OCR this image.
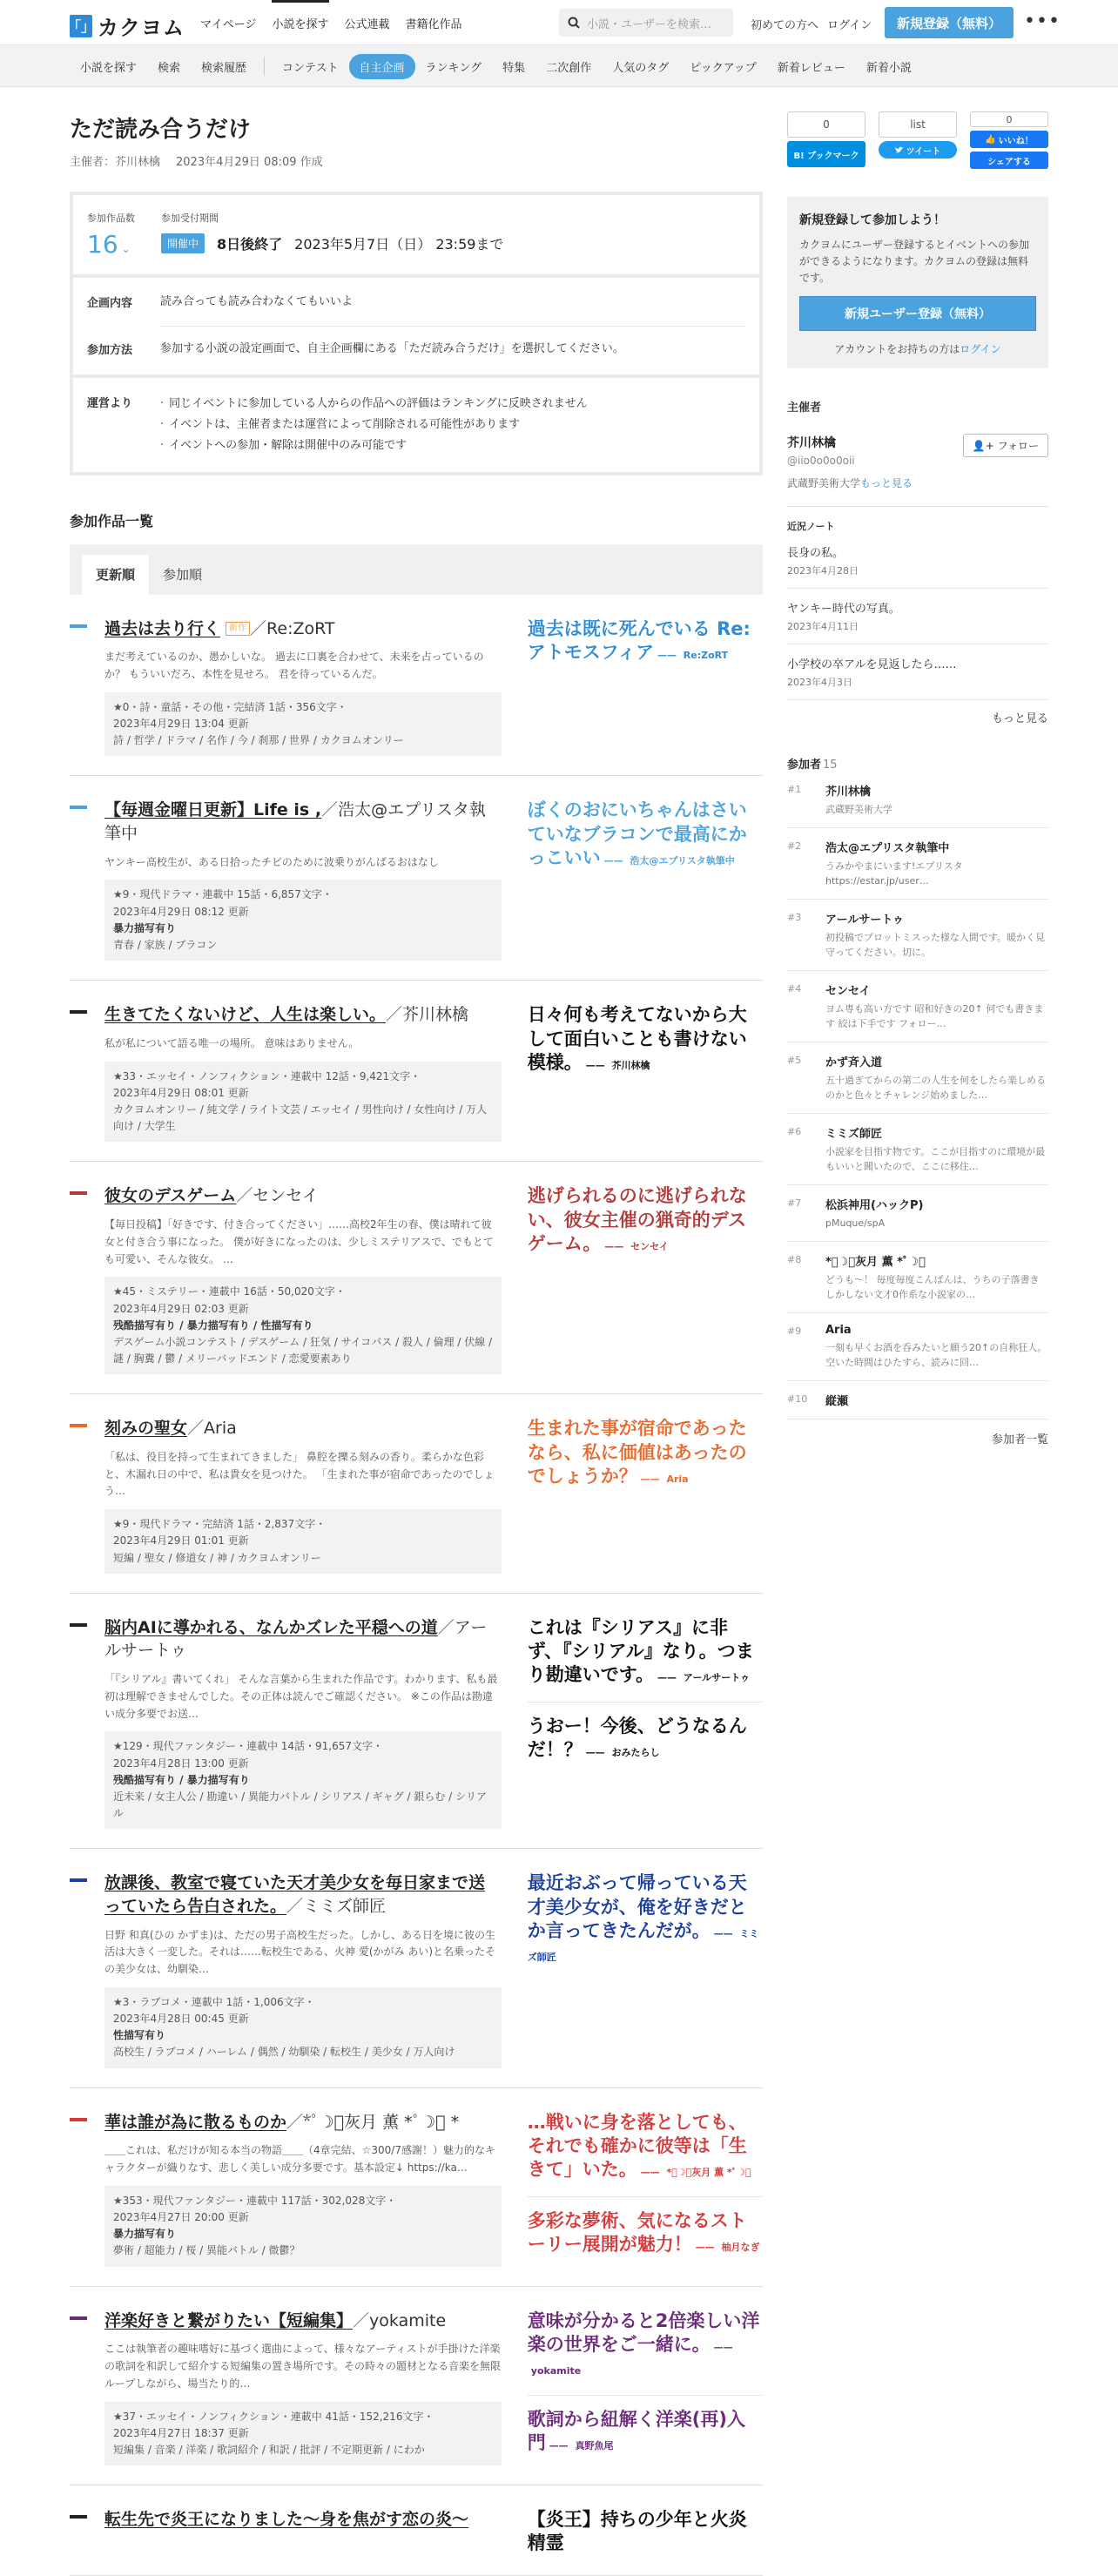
「」 カクヨム マイページ 小説を探す 公式連載 書籍化作品	小説・ユーザーを検索…	初めての方へ ログイン	新規登録（無料）	•••
小説を探す	検索	検索履歴	コンテスト	自主企画	ランキング	特集	二次創作	人気のタグ	ピックアップ	新着レビュー	新着小説
ただ読み合うだけ
主催者：芥川林檎 2023年4月29日 08:09 作成
参加作品数
16 ⌄
参加受付期間
開催中	8日後終了 2023年5月7日（日） 23:59まで
企画内容	読み合っても読み合わなくてもいいよ
参加方法	参加する小説の設定画面で、自主企画欄にある「ただ読み合うだけ」を選択してください。
運営より	· 同じイベントに参加している人からの作品への評価はランキングに反映されません
· イベントは、主催者または運営によって削除される可能性があります
· イベントへの参加・解除は開催中のみ可能です
参加作品一覧
更新順	参加順
過去は去り行く 新作 ／Re:ZoRT
まだ考えているのか、愚かしいな。 過去に口裏を合わせて、未来を占っているのか？ もういいだろ、本性を見せろ。 君を待っているんだ。
★0・詩・童話・その他・完結済 1話・356文字・
2023年4月29日 13:04 更新
詩 / 哲学 / ドラマ / 名作 / 今 / 刹那 / 世界 / カクヨムオンリー
過去は既に死んでいる Re:アトモスフィア —— Re:ZoRT
【毎週金曜日更新】Life is ,／浩太@エプリスタ執筆中
ヤンキー高校生が、ある日拾ったチビのために波乗りがんばるおはなし
★9・現代ドラマ・連載中 15話・6,857文字・
2023年4月29日 08:12 更新
暴力描写有り
青春 / 家族 / ブラコン
ぼくのおにいちゃんはさいていなブラコンで最高にかっこいい —— 浩太@エプリスタ執筆中
生きてたくないけど、人生は楽しい。／芥川林檎
私が私について語る唯一の場所。 意味はありません。
★33・エッセイ・ノンフィクション・連載中 12話・9,421文字・
2023年4月29日 08:01 更新
カクヨムオンリー / 純文学 / ライト文芸 / エッセイ / 男性向け / 女性向け / 万人向け / 大学生
日々何も考えてないから大して面白いことも書けない模様。 —— 芥川林檎
彼女のデスゲーム／センセイ
【毎日投稿】「好きです、付き合ってください」……高校2年生の春、僕は晴れて彼女と付き合う事になった。 僕が好きになったのは、少しミステリアスで、でもとても可愛い、そんな彼女。 …
★45・ミステリー・連載中 16話・50,020文字・
2023年4月29日 02:03 更新
残酷描写有り / 暴力描写有り / 性描写有り
デスゲーム小説コンテスト / デスゲーム / 狂気 / サイコパス / 殺人 / 倫理 / 伏線 / 謎 / 胸糞 / 鬱 / メリーバッドエンド / 恋愛要素あり
逃げられるのに逃げられない、彼女主催の猟奇的デスゲーム。 —— センセイ
刻みの聖女／Aria
「私は、役目を持って生まれてきました」 鼻腔を擽る刻みの香り。柔らかな色彩と、木漏れ日の中で、私は貴女を見つけた。 「生まれた事が宿命であったのでしょう…
★9・現代ドラマ・完結済 1話・2,837文字・
2023年4月29日 01:01 更新
短編 / 聖女 / 修道女 / 神 / カクヨムオンリー
生まれた事が宿命であったなら、私に価値はあったのでしょうか？ —— Aria
脳内AIに導かれる、なんかズレた平穏への道／アールサートゥ
「『シリアル』書いてくれ」 そんな言葉から生まれた作品です。わかります、私も最初は理解できませんでした。その正体は読んでご確認ください。 ※この作品は勘違い成分多要でお送…
★129・現代ファンタジー・連載中 14話・91,657文字・
2023年4月28日 13:00 更新
残酷描写有り / 暴力描写有り
近未来 / 女主人公 / 勘違い / 異能力バトル / シリアス / ギャグ / 銀らむ / シリアル
これは『シリアス』に非ず、『シリアル』なり。つまり勘違いです。 —— アールサートゥ
うおー！今後、どうなるんだ！？ —— おみたらし
放課後、教室で寝ていた天才美少女を毎日家まで送っていたら告白された。／ミミズ師匠
日野 和真(ひの かずま)は、ただの男子高校生だった。しかし、ある日を境に彼の生活は大きく一変した。それは……転校生である、火神 愛(かがみ あい)と名乗ったその美少女は、幼馴染…
★3・ラブコメ・連載中 1話・1,006文字・
2023年4月28日 00:45 更新
性描写有り
高校生 / ラブコメ / ハーレム / 偶然 / 幼馴染 / 転校生 / 美少女 / 万人向け
最近おぶって帰っている天才美少女が、俺を好きだとか言ってきたんだが。 —— ミミズ師匠
華は誰が為に散るものか／*ﾟ☽ﾟ灰月 薫 *ﾟ☽ﾟ *
＿＿これは、私だけが知る本当の物語＿＿（4章完結、☆300/7感謝！）魅力的なキャラクターが織りなす、悲しく美しい成分多要です。基本設定↓ https://ka…
★353・現代ファンタジー・連載中 117話・302,028文字・
2023年4月27日 20:00 更新
暴力描写有り
夢術 / 超能力 / 桜 / 異能バトル / 微鬱？
…戦いに身を落としても、それでも確かに彼等は「生きて」いた。 —— *ﾟ☽ﾟ灰月 薫 *ﾟ☽ﾟ
多彩な夢術、気になるストーリー展開が魅力！ —— 柚月なぎ
洋楽好きと繋がりたい【短編集】／yokamite
ここは執筆者の趣味嗜好に基づく選曲によって、様々なアーティストが手掛けた洋楽の歌詞を和訳して紹介する短編集の置き場所です。その時々の題材となる音楽を無限ループしながら、場当たり的…
★37・エッセイ・ノンフィクション・連載中 41話・152,216文字・
2023年4月27日 18:37 更新
短編集 / 音楽 / 洋楽 / 歌詞紹介 / 和訳 / 批評 / 不定期更新 / にわか
意味が分かると2倍楽しい洋楽の世界をご一緒に。 —— yokamite
歌詞から紐解く洋楽(再)入門 —— 真野魚尾
転生先で炎王になりました～身を焦がす恋の炎～	【炎王】持ちの少年と火炎精霊
0
B! ブックマーク
list
ツイート
0
👍 いいね！
シェアする
新規登録して参加しよう！
カクヨムにユーザー登録するとイベントへの参加ができるようになります。カクヨムの登録は無料です。
新規ユーザー登録（無料）
アカウントをお持ちの方はログイン
主催者
芥川林檎
@iio0o0o0oii
👤+ フォロー
武蔵野美術大学もっと見る
近況ノート
長身の私。
2023年4月28日
ヤンキー時代の写真。
2023年4月11日
小学校の卒アルを見返したら……
2023年4月3日
もっと見る
参加者 15
#1	芥川林檎
武蔵野美術大学
#2	浩太@エプリスタ執筆中
うみかやまにいます!エプリスタ https://estar.jp/user…
#3	アールサートゥ
初投稿でプロットミスった様な人間です。暖かく見守ってください。切に。
#4	センセイ
ヨム専も高い方です 昭和好きの20↑ 何でも書きます 絞は下手です フォロー…
#5	かず斉入道
五十過ぎてからの第二の人生を何をしたら楽しめるのかと色々とチャレンジ始めました…
#6	ミミズ師匠
小説家を目指す物です。ここが目指すのに環境が最もいいと聞いたので、ここに移住…
#7	松浜神用(ハックP)
pMuque/spA
#8	*ﾟ☽ﾟ灰月 薫 *ﾟ☽ﾟ
どうも〜！ 毎度毎度こんばんは、うちの子落書きしかしない文才0作系な小説家の…
#9	Aria
一刻も早くお酒を呑みたいと願う20↑の自称狂人。空いた時間はひたすら、読みに回…
#10	縦瀬
参加者一覧
